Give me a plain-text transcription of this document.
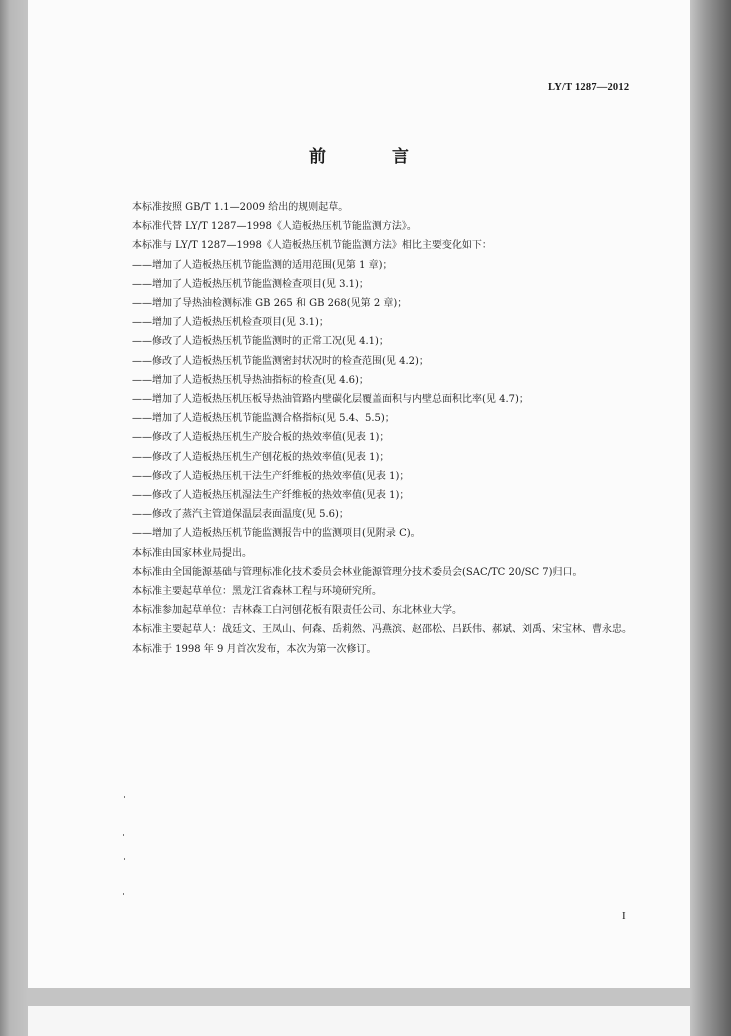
LY/T 1287—2012
前 言

本标准按照 GB/T 1.1—2009 给出的规则起草。

本标准代替 LY/T 1287—1998《人造板热压机节能监测方法》。

本标准与 LY/T 1287—1998《人造板热压机节能监测方法》相比主要变化如下：

——增加了人造板热压机节能监测的适用范围(见第 1 章)；

——增加了人造板热压机节能监测检查项目(见 3.1)；

——增加了导热油检测标准 GB 265 和 GB 268(见第 2 章)；

——增加了人造板热压机检查项目(见 3.1)；

——修改了人造板热压机节能监测时的正常工况(见 4.1)；

——修改了人造板热压机节能监测密封状况时的检查范围(见 4.2)；

——增加了人造板热压机导热油指标的检查(见 4.6)；

——增加了人造板热压机压板导热油管路内壁碳化层覆盖面积与内壁总面积比率(见 4.7)；

——增加了人造板热压机节能监测合格指标(见 5.4、5.5)；

——修改了人造板热压机生产胶合板的热效率值(见表 1)；

——修改了人造板热压机生产刨花板的热效率值(见表 1)；

——修改了人造板热压机干法生产纤维板的热效率值(见表 1)；

——修改了人造板热压机湿法生产纤维板的热效率值(见表 1)；

——修改了蒸汽主管道保温层表面温度(见 5.6)；

——增加了人造板热压机节能监测报告中的监测项目(见附录 C)。

本标准由国家林业局提出。

本标准由全国能源基础与管理标准化技术委员会林业能源管理分技术委员会(SAC/TC 20/SC 7)归口。

本标准主要起草单位：黑龙江省森林工程与环境研究所。

本标准参加起草单位：吉林森工白河刨花板有限责任公司、东北林业大学。

本标准主要起草人：战廷文、王凤山、何森、岳莉然、冯燕滨、赵邵松、吕跃伟、郝斌、刘禹、宋宝林、曹永忠。

本标准于 1998 年 9 月首次发布，本次为第一次修订。

I
